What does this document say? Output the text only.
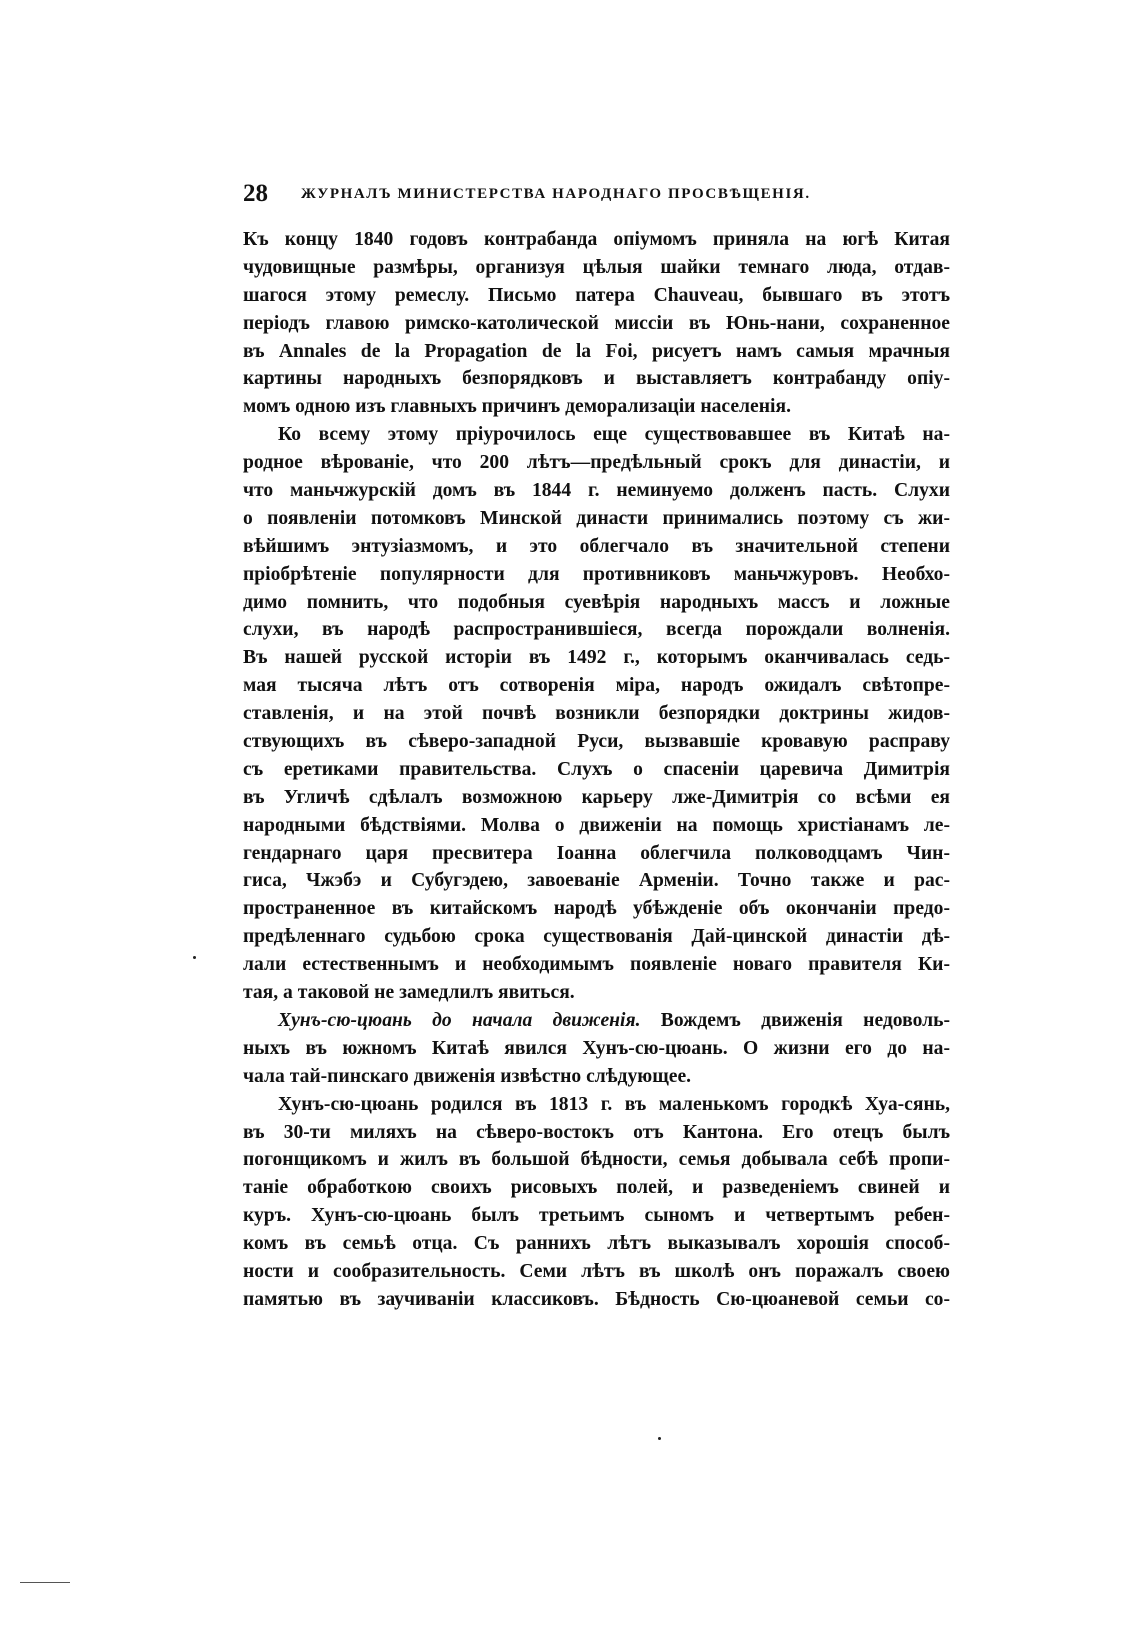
28 ЖУРНАЛЪ МИНИСТЕРСТВА НАРОДНАГО ПРОСВѢЩЕНІЯ.
Къ концу 1840 годовъ контрабанда опіумомъ приняла на югѣ Китая
чудовищные размѣры, организуя цѣлыя шайки темнаго люда, отдав-
шагося этому ремеслу. Письмо патера Chauveau, бывшаго въ этотъ
періодъ главою римско-католической миссіи въ Юнь-нани, сохраненное
въ Annales de la Propagation de la Foi, рисуетъ намъ самыя мрачныя
картины народныхъ безпорядковъ и выставляетъ контрабанду опіу-
момъ одною изъ главныхъ причинъ деморализаціи населенія.
Ко всему этому пріурочилось еще существовавшее въ Китаѣ на-
родное вѣрованіе, что 200 лѣтъ—предѣльный срокъ для династіи, и
что маньчжурскій домъ въ 1844 г. неминуемо долженъ пасть. Слухи
о появленіи потомковъ Минской династи принимались поэтому съ жи-
вѣйшимъ энтузіазмомъ, и это облегчало въ значительной степени
пріобрѣтеніе популярности для противниковъ маньчжуровъ. Необхо-
димо помнить, что подобныя суевѣрія народныхъ массъ и ложные
слухи, въ народѣ распространившіеся, всегда порождали волненія.
Въ нашей русской исторіи въ 1492 г., которымъ оканчивалась седь-
мая тысяча лѣтъ отъ сотворенія міра, народъ ожидалъ свѣтопре-
ставленія, и на этой почвѣ возникли безпорядки доктрины жидов-
ствующихъ въ сѣверо-западной Руси, вызвавшіе кровавую расправу
съ еретиками правительства. Слухъ о спасеніи царевича Димитрія
въ Угличѣ сдѣлалъ возможною карьеру лже-Димитрія со всѣми ея
народными бѣдствіями. Молва о движеніи на помощь христіанамъ ле-
гендарнаго царя пресвитера Іоанна облегчила полководцамъ Чин-
гиса, Чжэбэ и Субугэдею, завоеваніе Арменіи. Точно также и рас-
пространенное въ китайскомъ народѣ убѣжденіе объ окончаніи предо-
предѣленнаго судьбою срока существованія Дай-цинской династіи дѣ-
лали естественнымъ и необходимымъ появленіе новаго правителя Ки-
тая, а таковой не замедлилъ явиться.
Хунъ-сю-цюань до начала движенія. Вождемъ движенія недоволь-
ныхъ въ южномъ Китаѣ явился Хунъ-сю-цюань. О жизни его до на-
чала тай-пинскаго движенія извѣстно слѣдующее.
Хунъ-сю-цюань родился въ 1813 г. въ маленькомъ городкѣ Хуа-сянь,
въ 30-ти миляхъ на сѣверо-востокъ отъ Кантона. Его отецъ былъ
погонщикомъ и жилъ въ большой бѣдности, семья добывала себѣ пропи-
таніе обработкою своихъ рисовыхъ полей, и разведеніемъ свиней и
куръ. Хунъ-сю-цюань былъ третьимъ сыномъ и четвертымъ ребен-
комъ въ семьѣ отца. Съ раннихъ лѣтъ выказывалъ хорошія способ-
ности и сообразительность. Семи лѣтъ въ школѣ онъ поражалъ своею
памятью въ заучиваніи классиковъ. Бѣдность Сю-цюаневой семьи со-
